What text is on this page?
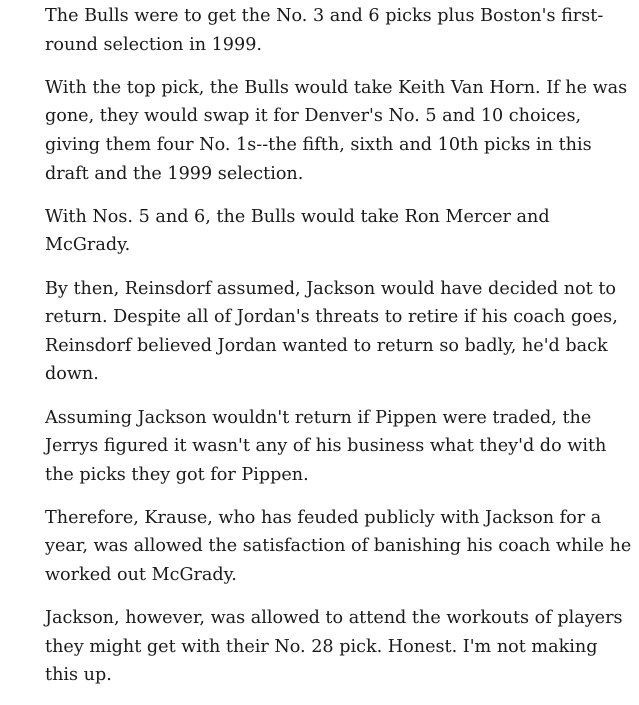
The Bulls were to get the No. 3 and 6 picks plus Boston's first-round selection in 1999.

With the top pick, the Bulls would take Keith Van Horn. If he was gone, they would swap it for Denver's No. 5 and 10 choices, giving them four No. 1s--the fifth, sixth and 10th picks in this draft and the 1999 selection.

With Nos. 5 and 6, the Bulls would take Ron Mercer and McGrady.

By then, Reinsdorf assumed, Jackson would have decided not to return. Despite all of Jordan's threats to retire if his coach goes, Reinsdorf believed Jordan wanted to return so badly, he'd back down.

Assuming Jackson wouldn't return if Pippen were traded, the Jerrys figured it wasn't any of his business what they'd do with the picks they got for Pippen.

Therefore, Krause, who has feuded publicly with Jackson for a year, was allowed the satisfaction of banishing his coach while he worked out McGrady.

Jackson, however, was allowed to attend the workouts of players they might get with their No. 28 pick. Honest. I'm not making this up.
